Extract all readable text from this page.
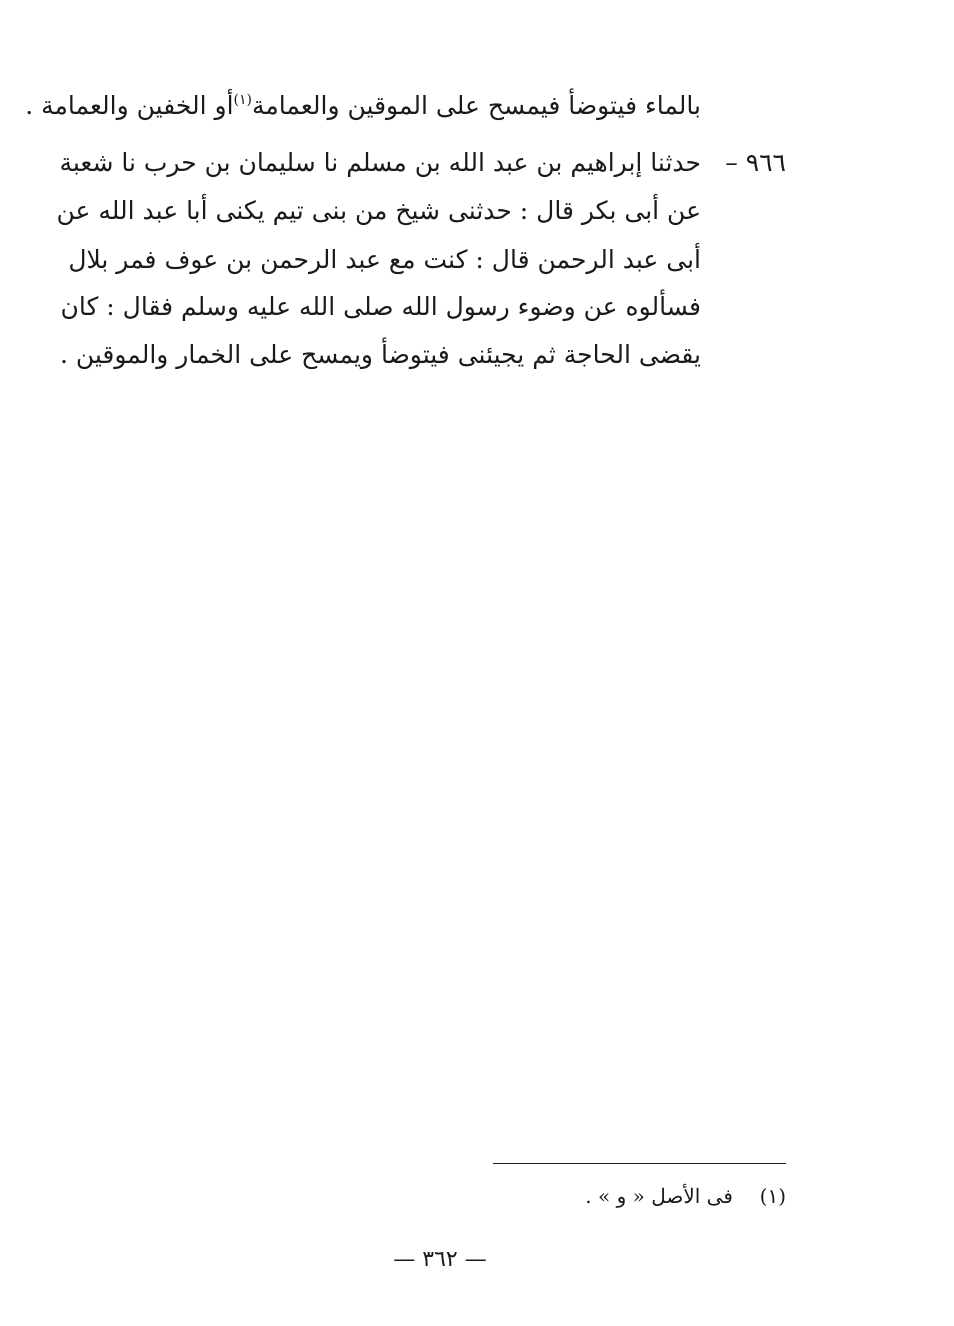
بالماء فيتوضأ فيمسح على الموقين والعمامة$^{(١)}$أو الخفين والعمامة .
٩٦٦ –
حدثنا إبراهيم بن عبد الله بن مسلم نا سليمان بن حرب نا شعبة
عن أبى بكر قال : حدثنى شيخ من بنى تيم يكنى أبا عبد الله عن
أبى عبد الرحمن قال : كنت مع عبد الرحمن بن عوف فمر بلال
فسألوه عن وضوء رسول الله صلى الله عليه وسلم فقال : كان
يقضى الحاجة ثم يجيئنى فيتوضأ ويمسح على الخمار والموقين .
(١)  فى الأصل « و » .
— ٣٦٢ —
